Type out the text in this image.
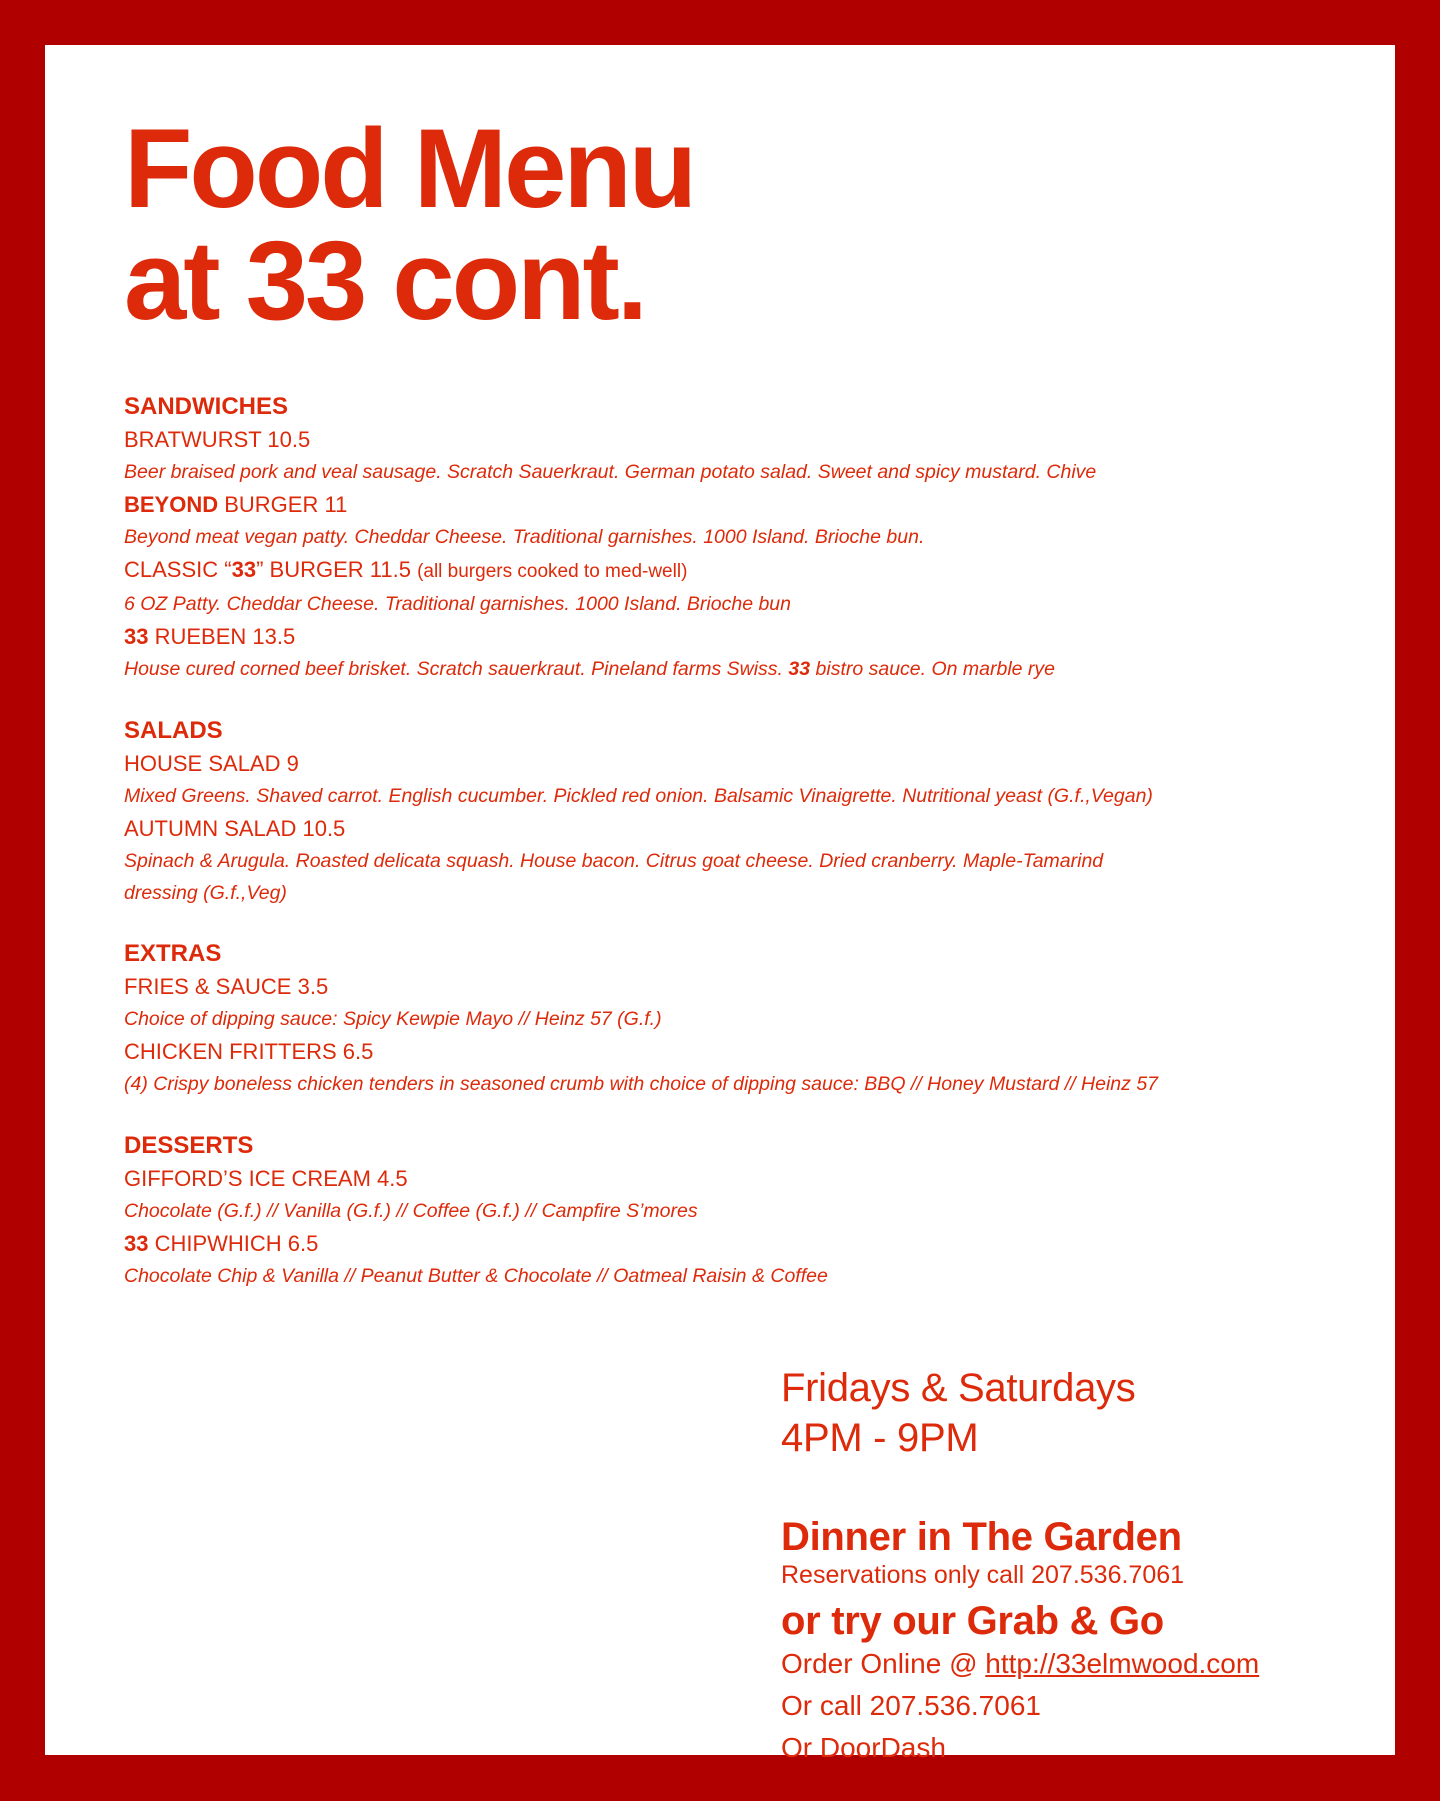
Food Menu
at 33 cont.
SANDWICHES
BRATWURST 10.5
Beer braised pork and veal sausage. Scratch Sauerkraut. German potato salad. Sweet and spicy mustard. Chive
BEYOND BURGER 11
Beyond meat vegan patty. Cheddar Cheese. Traditional garnishes. 1000 Island. Brioche bun.
CLASSIC “33” BURGER 11.5 (all burgers cooked to med-well)
6 OZ Patty. Cheddar Cheese. Traditional garnishes. 1000 Island. Brioche bun
33 RUEBEN 13.5
House cured corned beef brisket. Scratch sauerkraut. Pineland farms Swiss. 33 bistro sauce. On marble rye
SALADS
HOUSE SALAD 9
Mixed Greens. Shaved carrot. English cucumber. Pickled red onion. Balsamic Vinaigrette. Nutritional yeast (G.f.,Vegan)
AUTUMN SALAD 10.5
Spinach & Arugula. Roasted delicata squash. House bacon. Citrus goat cheese. Dried cranberry. Maple-Tamarind
dressing (G.f.,Veg)
EXTRAS
FRIES & SAUCE 3.5
Choice of dipping sauce: Spicy Kewpie Mayo // Heinz 57 (G.f.)
CHICKEN FRITTERS 6.5
(4) Crispy boneless chicken tenders in seasoned crumb with choice of dipping sauce: BBQ // Honey Mustard // Heinz 57
DESSERTS
GIFFORD’S ICE CREAM 4.5
Chocolate (G.f.) // Vanilla (G.f.) // Coffee (G.f.) // Campfire S’mores
33 CHIPWHICH 6.5
Chocolate Chip & Vanilla // Peanut Butter & Chocolate // Oatmeal Raisin & Coffee
Fridays & Saturdays
4PM - 9PM
Dinner in The Garden
Reservations only call 207.536.7061
or try our Grab & Go
Order Online @ http://33elmwood.com
Or call 207.536.7061
Or DoorDash
